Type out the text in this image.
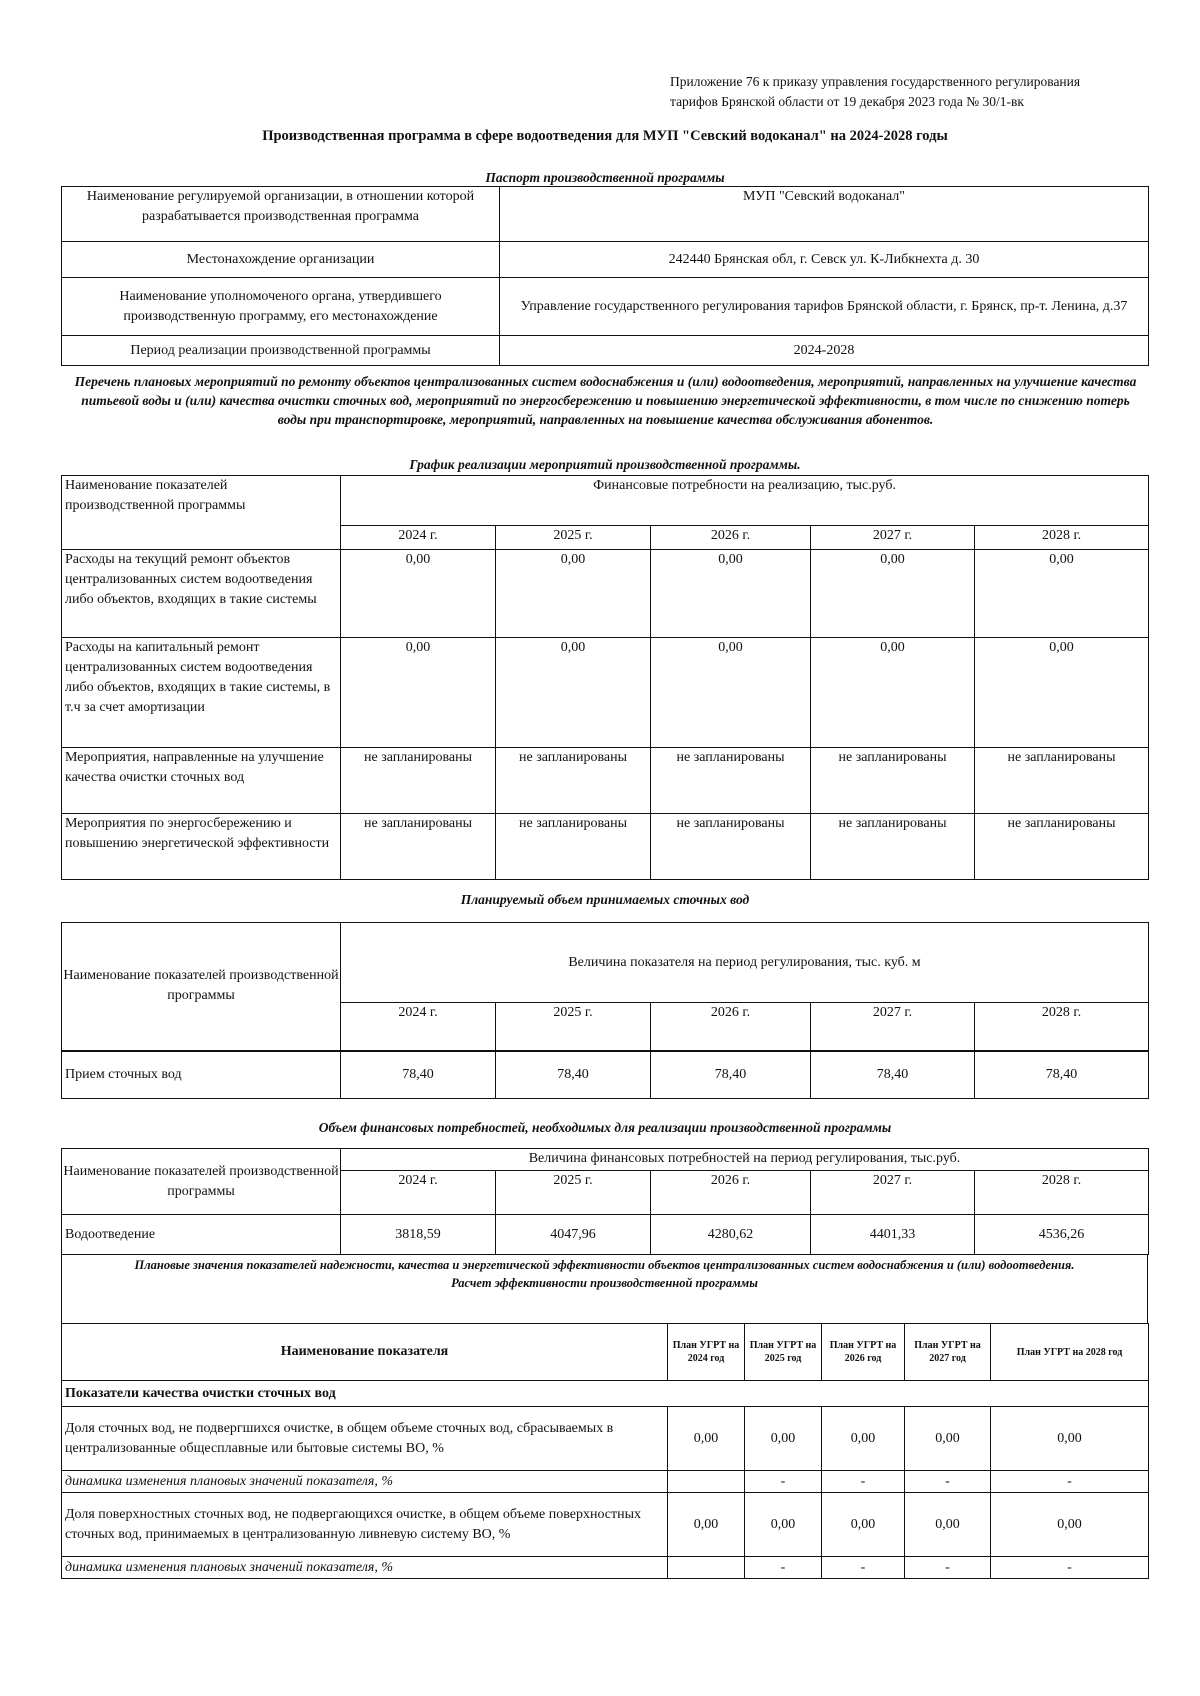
Приложение 76 к приказу управления государственного регулирования
тарифов Брянской области от 19 декабря 2023 года № 30/1-вк
Производственная программа в сфере водоотведения для МУП "Севский водоканал" на 2024-2028 годы
Паспорт производственной программы
Наименование регулируемой организации, в отношении которой разрабатывается производственная программа	МУП "Севский водоканал"
Местонахождение организации	242440 Брянская обл, г. Севск ул. К-Либкнехта д. 30
Наименование уполномоченого органа, утвердившего производственную программу, его местонахождение	Управление государственного регулирования тарифов Брянской области, г. Брянск, пр-т. Ленина, д.37
Период реализации производственной программы	2024-2028
Перечень плановых мероприятий по ремонту объектов централизованных систем водоснабжения и (или) водоотведения, мероприятий, направленных на улучшение качества питьевой воды и (или) качества очистки сточных вод, мероприятий по энергосбережению и повышению энергетической эффективности, в том числе по снижению потерь воды при транспортировке, мероприятий, направленных на повышение качества обслуживания абонентов.
График реализации мероприятий производственной программы.
Наименование показателей производственной программы	Финансовые потребности на реализацию, тыс.руб.				
	2024 г.	2025 г.	2026 г.	2027 г.	2028 г.
Расходы на текущий ремонт объектов централизованных систем водоотведения либо объектов, входящих в такие системы	0,00	0,00	0,00	0,00	0,00
Расходы на капитальный ремонт централизованных систем водоотведения либо объектов, входящих в такие системы, в т.ч за счет амортизации	0,00	0,00	0,00	0,00	0,00
Мероприятия, направленные на улучшение качества очистки сточных вод	не запланированы	не запланированы	не запланированы	не запланированы	не запланированы
Мероприятия по энергосбережению и повышению энергетической эффективности	не запланированы	не запланированы	не запланированы	не запланированы	не запланированы
Планируемый объем принимаемых сточных вод
Наименование показателей производственной программы	Величина показателя на период регулирования, тыс. куб. м				
	2024 г.	2025 г.	2026 г.	2027 г.	2028 г.
Прием сточных вод	78,40	78,40	78,40	78,40	78,40
Объем финансовых потребностей, необходимых для реализации производственной программы
Наименование показателей производственной программы	Величина финансовых потребностей на период регулирования, тыс.руб.				
	2024 г.	2025 г.	2026 г.	2027 г.	2028 г.
Водоотведение	3818,59	4047,96	4280,62	4401,33	4536,26
Плановые значения показателей надежности, качества и энергетической эффективности объектов централизованных систем водоснабжения и (или) водоотведения.
Расчет эффективности производственной программы
Наименование показателя	План УГРТ на 2024 год	План УГРТ на 2025 год	План УГРТ на 2026 год	План УГРТ на 2027 год	План УГРТ на 2028 год
Показатели качества очистки сточных вод					
Доля сточных вод, не подвергшихся очистке, в общем объеме сточных вод, сбрасываемых в централизованные общесплавные или бытовые системы ВО, %	0,00	0,00	0,00	0,00	0,00
динамика изменения плановых значений показателя, %		-	-	-	-
Доля поверхностных сточных вод, не подвергающихся очистке, в общем объеме поверхностных сточных вод, принимаемых в централизованную ливневую систему ВО, %	0,00	0,00	0,00	0,00	0,00
динамика изменения плановых значений показателя, %		-	-	-	-
